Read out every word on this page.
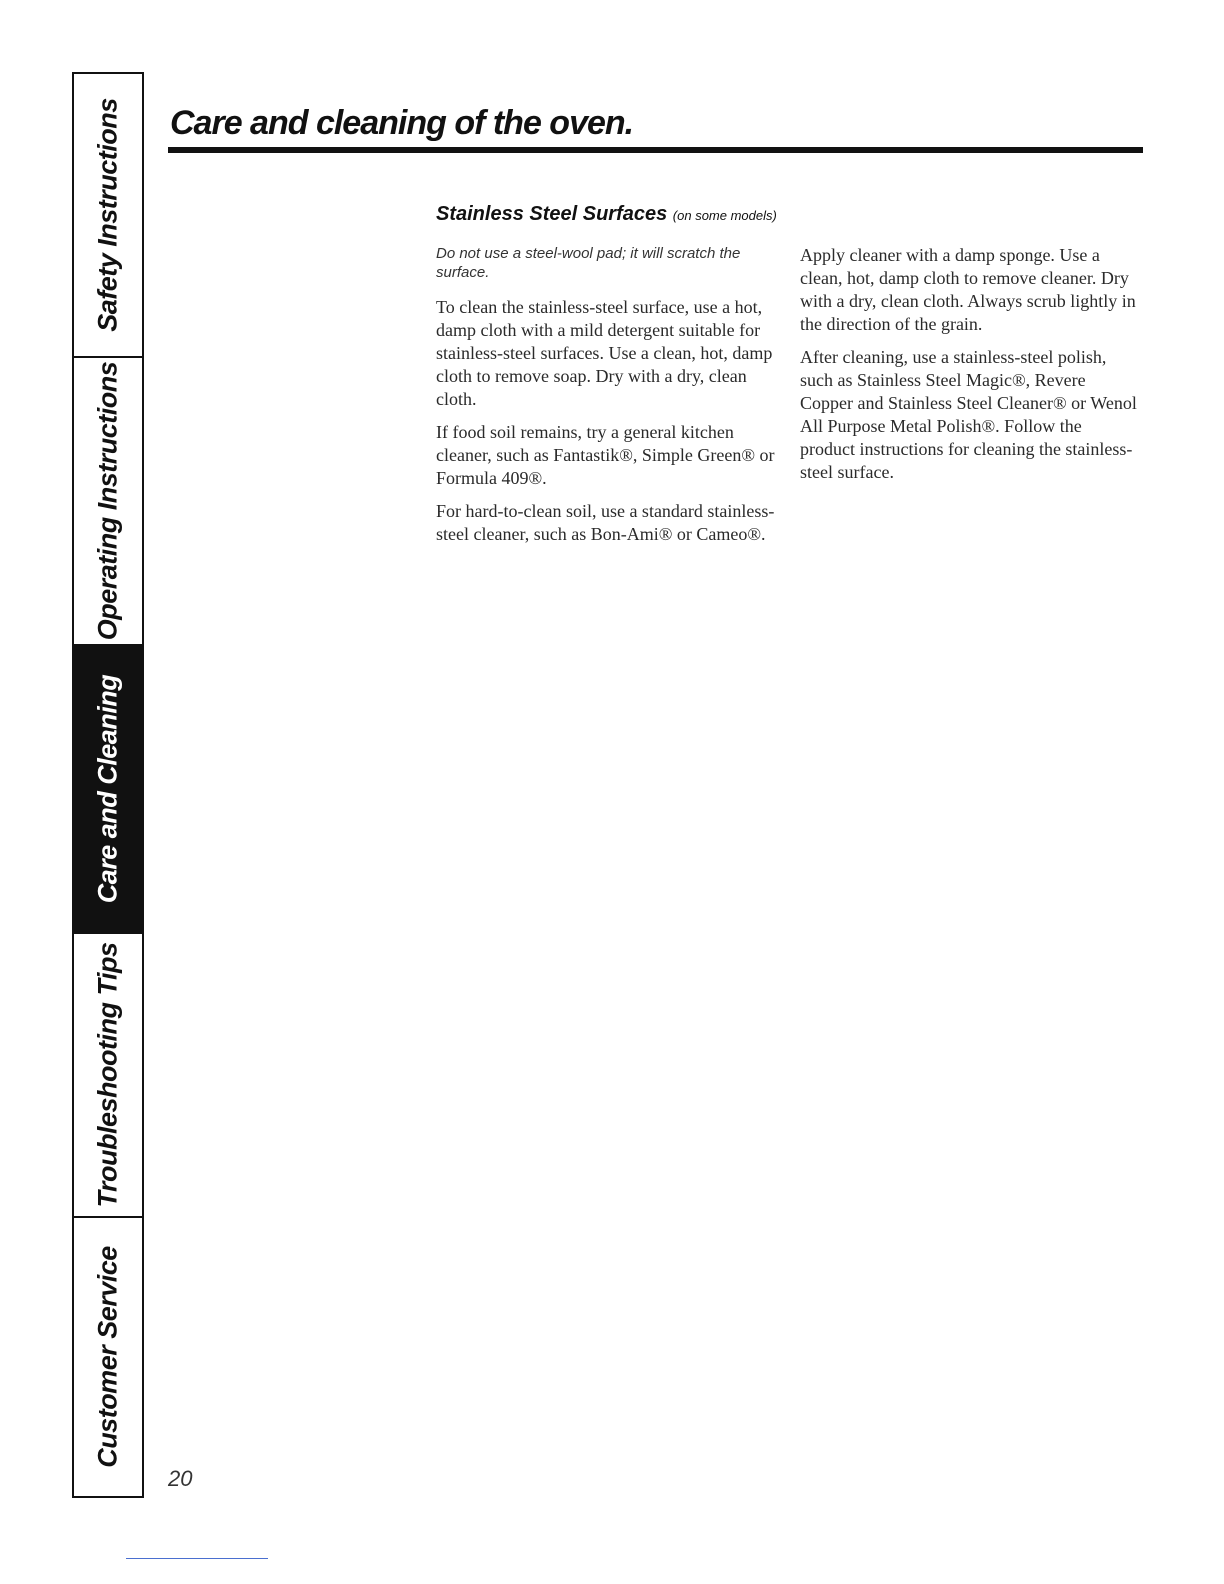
Safety Instructions
Operating Instructions
Care and Cleaning
Troubleshooting Tips
Customer Service
Care and cleaning of the oven.
Stainless Steel Surfaces (on some models)

Do not use a steel-wool pad; it will scratch the surface.

To clean the stainless-steel surface, use a hot, damp cloth with a mild detergent suitable for stainless-steel surfaces. Use a clean, hot, damp cloth to remove soap. Dry with a dry, clean cloth.

If food soil remains, try a general kitchen cleaner, such as Fantastik®, Simple Green® or Formula 409®.

For hard-to-clean soil, use a standard stainless-steel cleaner, such as Bon-Ami® or Cameo®.

Apply cleaner with a damp sponge. Use a clean, hot, damp cloth to remove cleaner. Dry with a dry, clean cloth. Always scrub lightly in the direction of the grain.

After cleaning, use a stainless-steel polish, such as Stainless Steel Magic®, Revere Copper and Stainless Steel Cleaner® or Wenol All Purpose Metal Polish®. Follow the product instructions for cleaning the stainless-steel surface.

20
